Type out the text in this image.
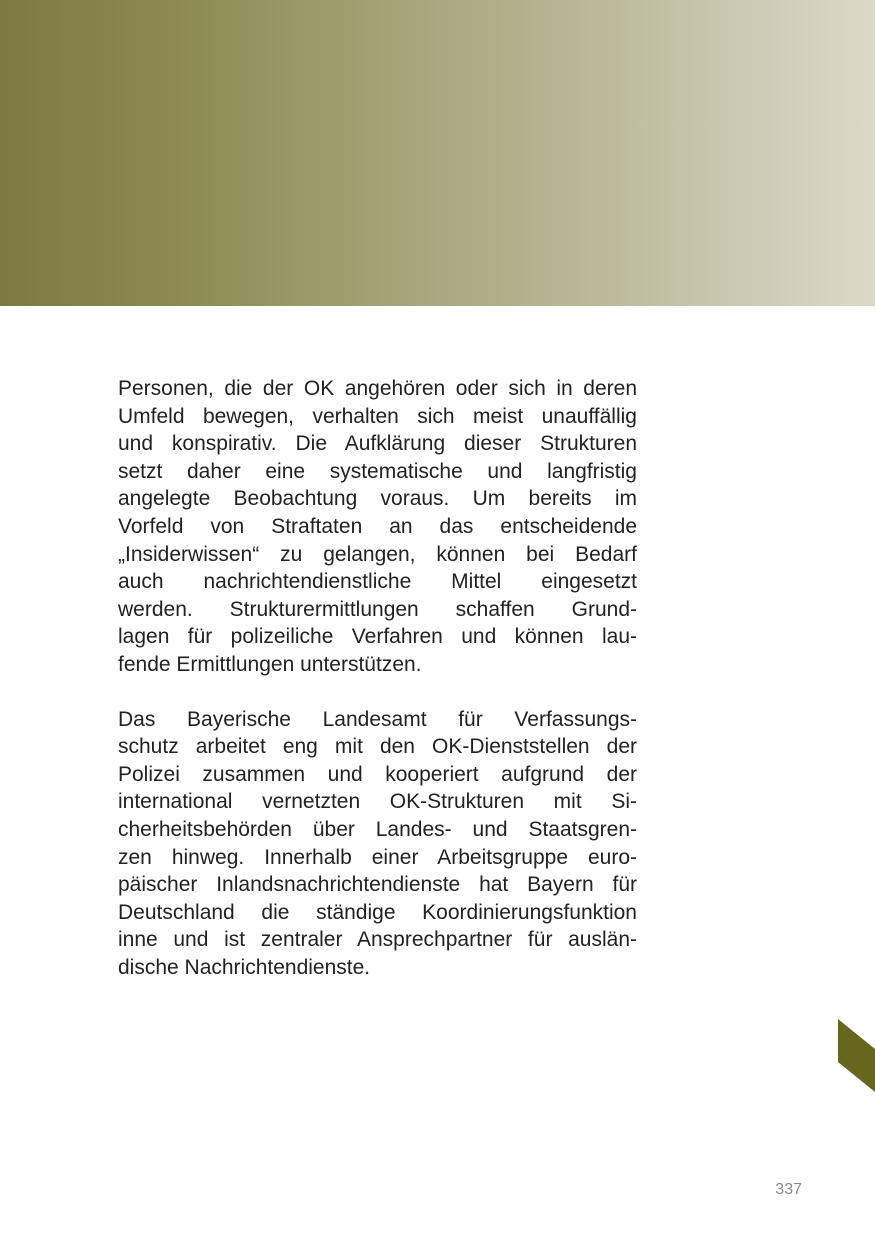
Personen, die der OK angehören oder sich in deren
Umfeld bewegen, verhalten sich meist unauffällig
und konspirativ. Die Aufklärung dieser Strukturen
setzt daher eine systematische und langfristig
angelegte Beobachtung voraus. Um bereits im
Vorfeld von Straftaten an das entscheidende
„Insiderwissen“ zu gelangen, können bei Bedarf
auch nachrichtendienstliche Mittel eingesetzt
werden. Strukturermittlungen schaffen Grund-
lagen für polizeiliche Verfahren und können lau-
fende Ermittlungen unterstützen.

Das Bayerische Landesamt für Verfassungs-
schutz arbeitet eng mit den OK-Dienststellen der
Polizei zusammen und kooperiert aufgrund der
international vernetzten OK-Strukturen mit Si-
cherheitsbehörden über Landes- und Staatsgren-
zen hinweg. Innerhalb einer Arbeitsgruppe euro-
päischer Inlandsnachrichtendienste hat Bayern für
Deutschland die ständige Koordinierungsfunktion
inne und ist zentraler Ansprechpartner für auslän-
dische Nachrichtendienste.

337
